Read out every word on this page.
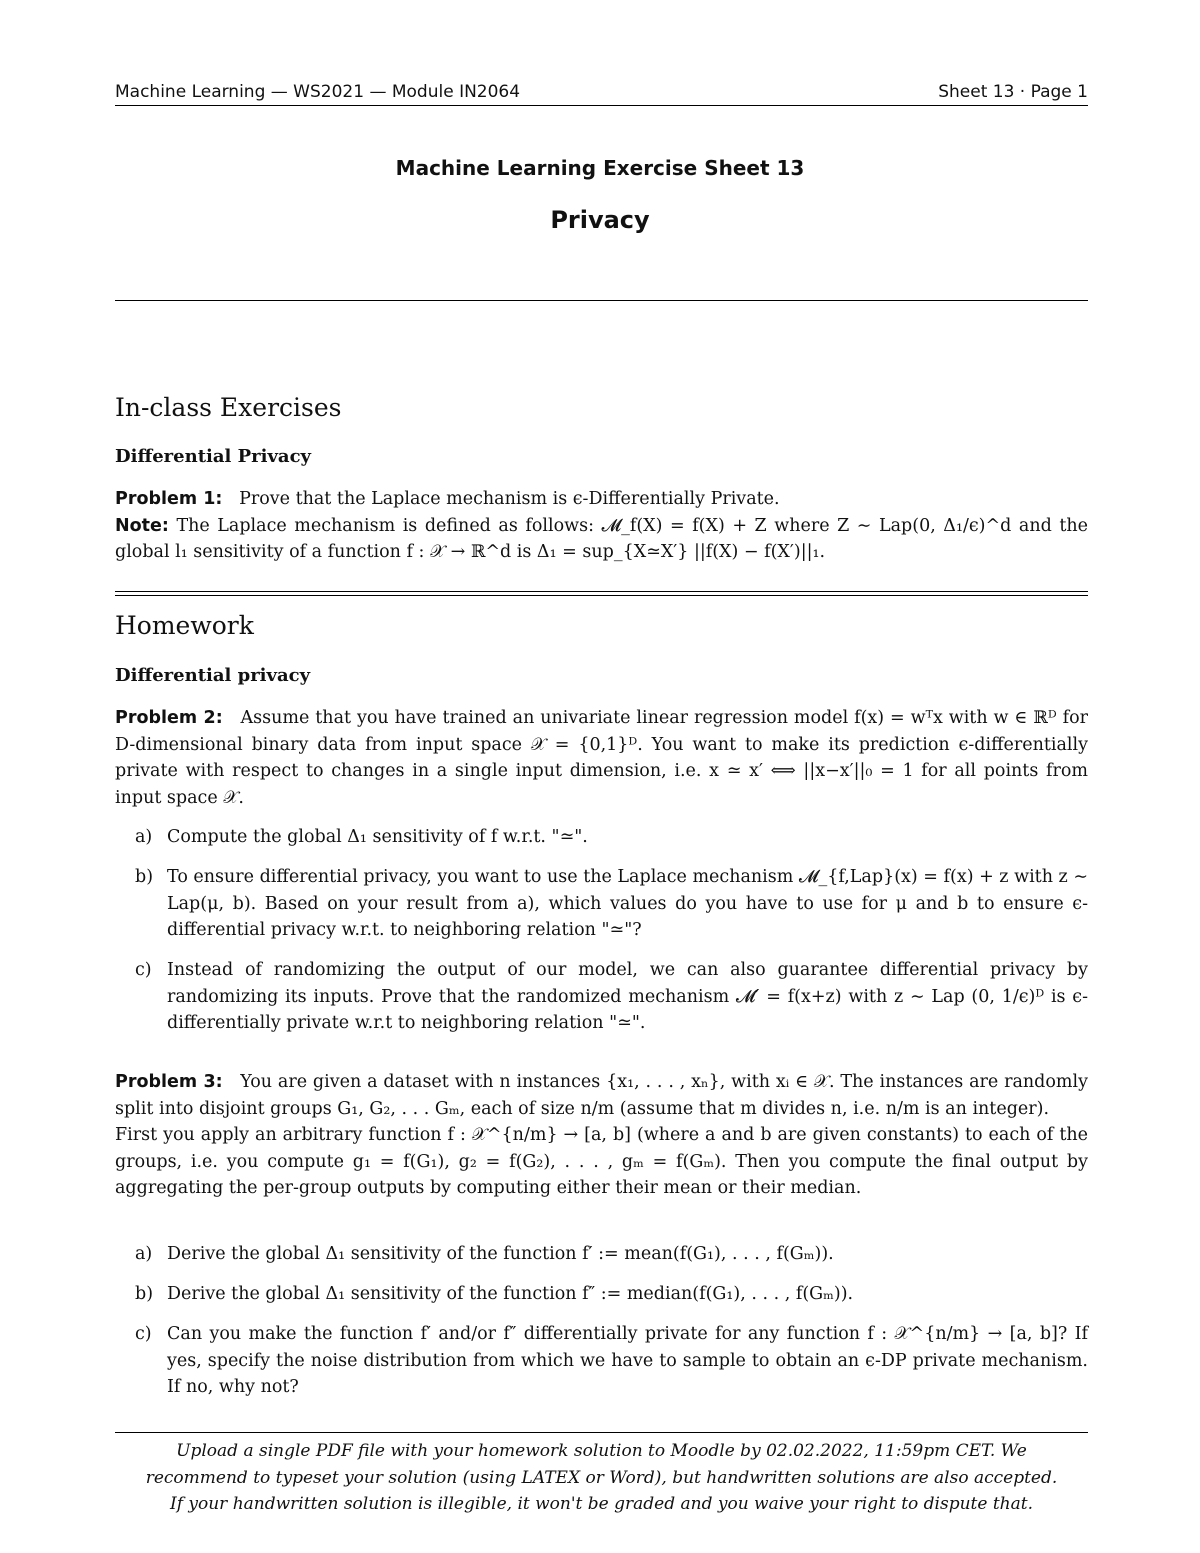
Machine Learning — WS2021 — Module IN2064	Sheet 13 · Page 1
Machine Learning Exercise Sheet 13
Privacy
In-class Exercises
Differential Privacy
Problem 1: Prove that the Laplace mechanism is ϵ-Differentially Private.
Note: The Laplace mechanism is defined as follows: 𝓜_f(X) = f(X) + Z where Z ∼ Lap(0, Δ₁/ϵ)^d and the global l₁ sensitivity of a function f : 𝒳 → ℝ^d is Δ₁ = sup_{X≃X′} ||f(X) − f(X′)||₁.
Homework
Differential privacy
Problem 2: Assume that you have trained an univariate linear regression model f(x) = wᵀx with w ∈ ℝᴰ for D-dimensional binary data from input space 𝒳 = {0,1}ᴰ. You want to make its prediction ϵ-differentially private with respect to changes in a single input dimension, i.e. x ≃ x′ ⟺ ||x−x′||₀ = 1 for all points from input space 𝒳.
a) Compute the global Δ₁ sensitivity of f w.r.t. "≃".
b) To ensure differential privacy, you want to use the Laplace mechanism 𝓜_{f,Lap}(x) = f(x) + z with z ∼ Lap(μ, b). Based on your result from a), which values do you have to use for μ and b to ensure ϵ-differential privacy w.r.t. to neighboring relation "≃"?
c) Instead of randomizing the output of our model, we can also guarantee differential privacy by randomizing its inputs. Prove that the randomized mechanism 𝓜′ = f(x+z) with z ∼ Lap (0, 1/ϵ)ᴰ is ϵ-differentially private w.r.t to neighboring relation "≃".
Problem 3: You are given a dataset with n instances {x₁, . . . , xₙ}, with xᵢ ∈ 𝒳. The instances are randomly split into disjoint groups G₁, G₂, . . . Gₘ, each of size n/m (assume that m divides n, i.e. n/m is an integer).
First you apply an arbitrary function f : 𝒳^{n/m} → [a, b] (where a and b are given constants) to each of the groups, i.e. you compute g₁ = f(G₁), g₂ = f(G₂), . . . , gₘ = f(Gₘ). Then you compute the final output by aggregating the per-group outputs by computing either their mean or their median.
a) Derive the global Δ₁ sensitivity of the function f′ := mean(f(G₁), . . . , f(Gₘ)).
b) Derive the global Δ₁ sensitivity of the function f″ := median(f(G₁), . . . , f(Gₘ)).
c) Can you make the function f′ and/or f″ differentially private for any function f : 𝒳^{n/m} → [a, b]? If yes, specify the noise distribution from which we have to sample to obtain an ϵ-DP private mechanism. If no, why not?
Upload a single PDF file with your homework solution to Moodle by 02.02.2022, 11:59pm CET. We
recommend to typeset your solution (using LATEX or Word), but handwritten solutions are also accepted.
If your handwritten solution is illegible, it won't be graded and you waive your right to dispute that.
